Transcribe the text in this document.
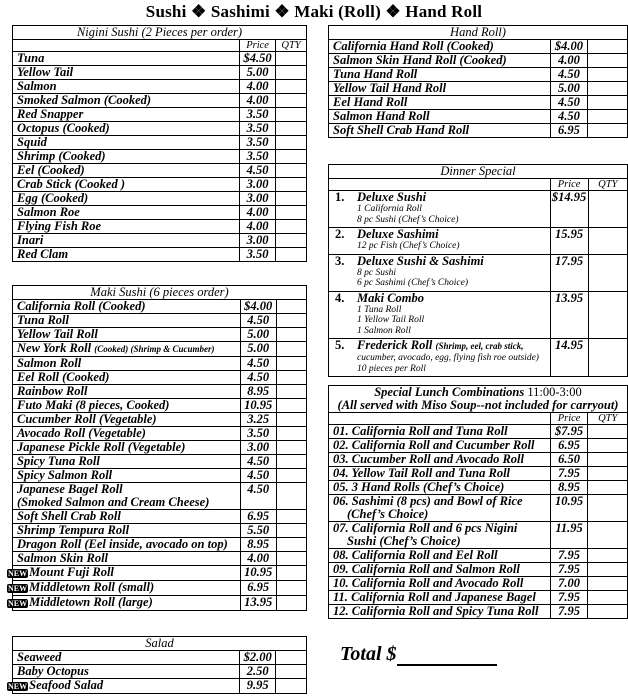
Sushi ❖ Sashimi ❖ Maki (Roll) ❖ Hand Roll
Nigini Sushi (2 Pieces per order)		
	Price	QTY
Tuna	$4.50	
Yellow Tail	5.00	
Salmon	4.00	
Smoked Salmon (Cooked)	4.00	
Red Snapper	3.50	
Octopus (Cooked)	3.50	
Squid	3.50	
Shrimp (Cooked)	3.50	
Eel (Cooked)	4.50	
Crab Stick (Cooked )	3.00	
Egg (Cooked)	3.00	
Salmon Roe	4.00	
Flying Fish Roe	4.00	
Inari	3.00	
Red Clam	3.50	
Maki Sushi (6 pieces order)		
California Roll (Cooked)	$4.00	
Tuna Roll	4.50	
Yellow Tail Roll	5.00	
New York Roll (Cooked) (Shrimp & Cucumber)	5.00	
Salmon Roll	4.50	
Eel Roll (Cooked)	4.50	
Rainbow Roll	8.95	
Futo Maki (8 pieces, Cooked)	10.95	
Cucumber Roll (Vegetable)	3.25	
Avocado Roll (Vegetable)	3.50	
Japanese Pickle Roll (Vegetable)	3.00	
Spicy Tuna Roll	4.50	
Spicy Salmon Roll	4.50	
Japanese Bagel Roll
(Smoked Salmon and Cream Cheese)	4.50	
Soft Shell Crab Roll	6.95	
Shrimp Tempura Roll	5.50	
Dragon Roll (Eel inside, avocado on top)	8.95	
Salmon Skin Roll	4.00	
NEW Mount Fuji Roll	10.95	
NEW Middletown Roll (small)	6.95	
NEW Middletown Roll (large)	13.95	
Salad		
Seaweed	$2.00	
Baby Octopus	2.50	
NEW Seafood Salad	9.95	
Hand Roll)		
California Hand Roll (Cooked)	$4.00	
Salmon Skin Hand Roll (Cooked)	4.00	
Tuna Hand Roll	4.50	
Yellow Tail Hand Roll	5.00	
Eel Hand Roll	4.50	
Salmon Hand Roll	4.50	
Soft Shell Crab Hand Roll	6.95	
Dinner Special		
	Price	QTY
1. Deluxe Sushi
1 California Roll
8 pc Sushi (Chef’s Choice)	$14.95	
2. Deluxe Sashimi
12 pc Fish (Chef’s Choice)	15.95	
3. Deluxe Sushi & Sashimi
8 pc Sushi
6 pc Sashimi (Chef’s Choice)	17.95	
4. Maki Combo
1 Tuna Roll
1 Yellow Tail Roll
1 Salmon Roll	13.95	
5. Frederick Roll (Shrimp, eel, crab stick,
cucumber, avocado, egg, flying fish roe outside)
10 pieces per Roll	14.95	
Special Lunch Combinations 11:00-3:00
(All served with Miso Soup--not included for carryout)		
	Price	QTY
01. California Roll and Tuna Roll	$7.95	
02. California Roll and Cucumber Roll	6.95	
03. Cucumber Roll and Avocado Roll	6.50	
04. Yellow Tail Roll and Tuna Roll	7.95	
05. 3 Hand Rolls (Chef’s Choice)	8.95	
06. Sashimi (8 pcs) and Bowl of Rice
(Chef’s Choice)	10.95	
07. California Roll and 6 pcs Nigini
Sushi (Chef’s Choice)	11.95	
08. California Roll and Eel Roll	7.95	
09. California Roll and Salmon Roll	7.95	
10. California Roll and Avocado Roll	7.00	
11. California Roll and Japanese Bagel	7.95	
12. California Roll and Spicy Tuna Roll	7.95	
Total $
